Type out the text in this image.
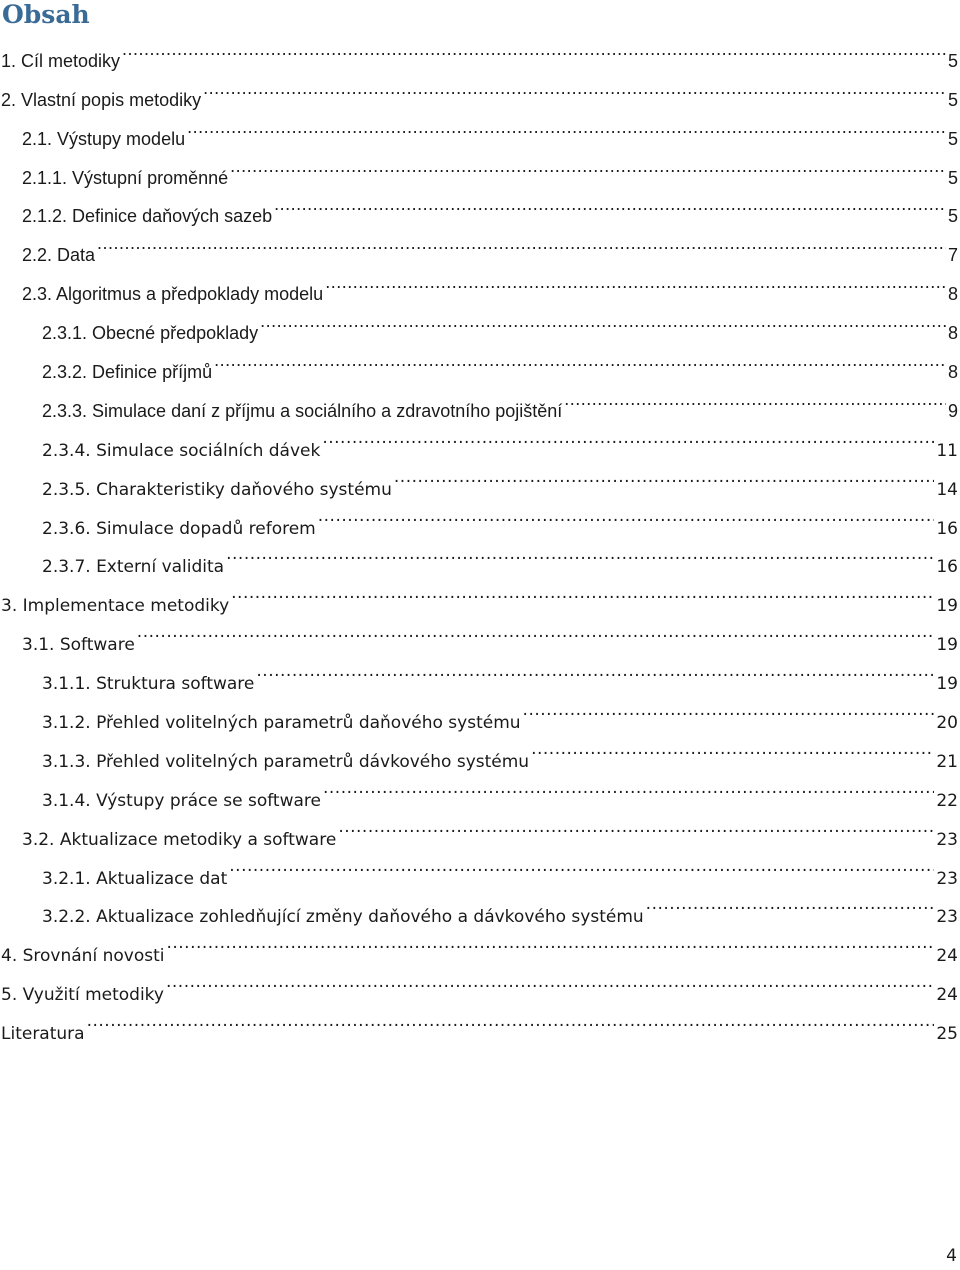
Obsah
1. Cíl metodiky .....	5
2. Vlastní popis metodiky .....	5
2.1. Výstupy modelu .....	5
2.1.1. Výstupní proměnné .....	5
2.1.2. Definice daňových sazeb .....	5
2.2. Data .....	7
2.3. Algoritmus a předpoklady modelu .....	8
2.3.1. Obecné předpoklady .....	8
2.3.2. Definice příjmů .....	8
2.3.3. Simulace daní z příjmu a sociálního a zdravotního pojištění .....	9
2.3.4. Simulace sociálních dávek .....	11
2.3.5. Charakteristiky daňového systému .....	14
2.3.6. Simulace dopadů reforem .....	16
2.3.7. Externí validita .....	16
3. Implementace metodiky .....	19
3.1. Software .....	19
3.1.1. Struktura software .....	19
3.1.2. Přehled volitelných parametrů daňového systému .....	20
3.1.3. Přehled volitelných parametrů dávkového systému .....	21
3.1.4. Výstupy práce se software .....	22
3.2. Aktualizace metodiky a software .....	23
3.2.1. Aktualizace dat .....	23
3.2.2. Aktualizace zohledňující změny daňového a dávkového systému .....	23
4. Srovnání novosti .....	24
5. Využití metodiky .....	24
Literatura .....	25
4
